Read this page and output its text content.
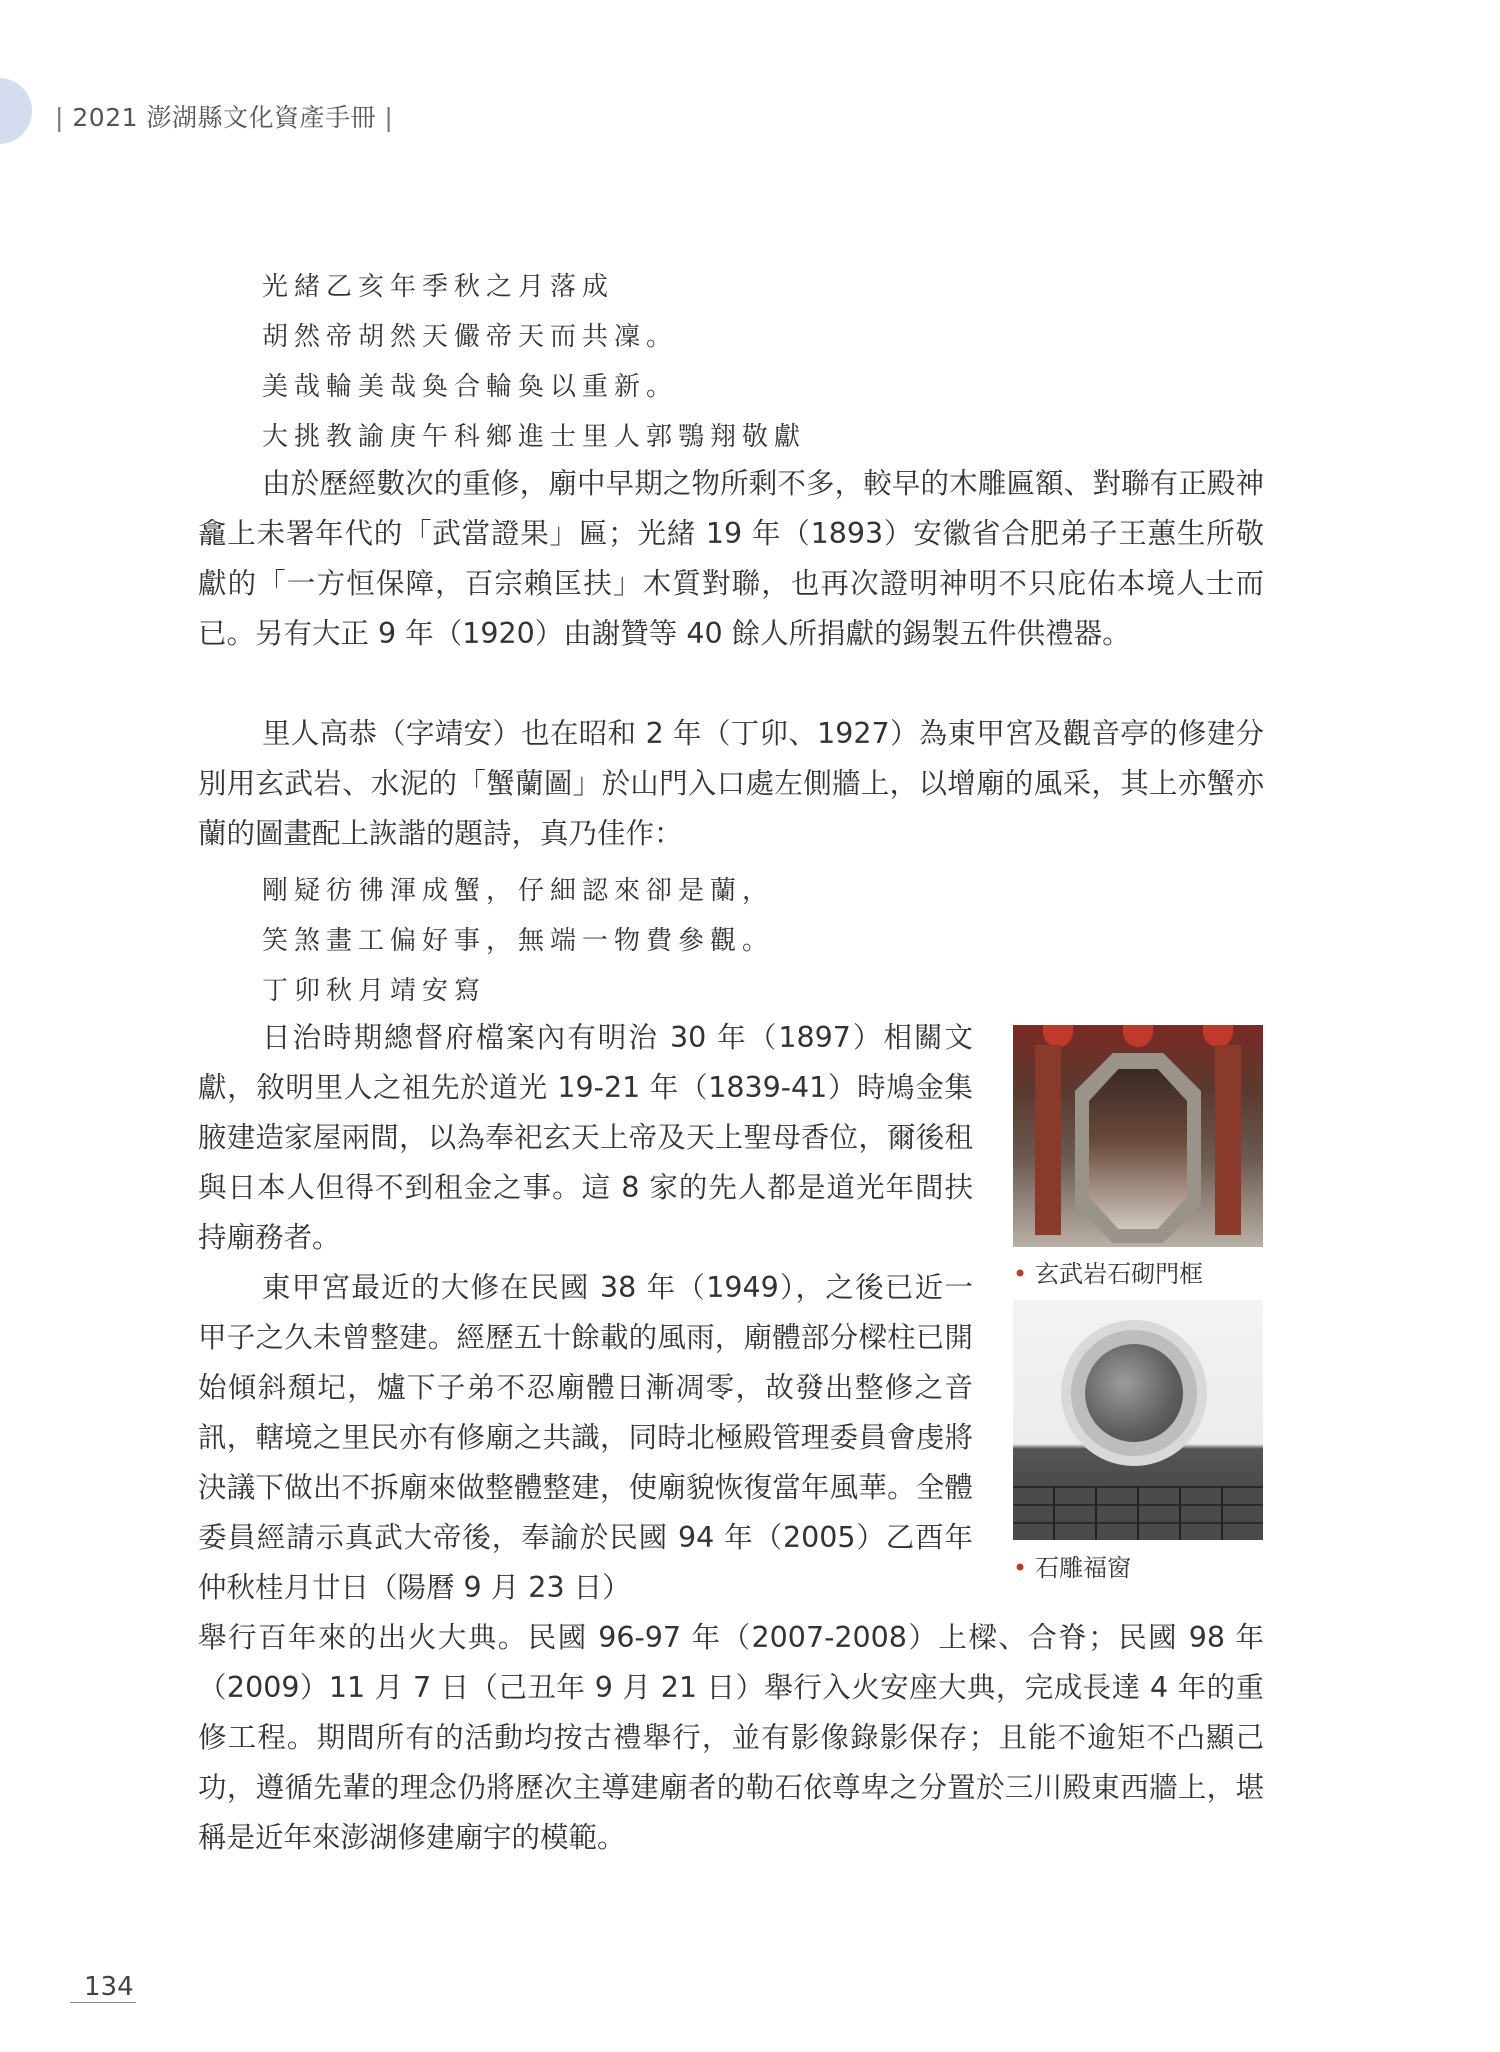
| 2021 澎湖縣文化資產手冊 |
光緒乙亥年季秋之月落成
胡然帝胡然天儼帝天而共凜。
美哉輪美哉奐合輪奐以重新。
大挑教諭庚午科鄉進士里人郭鶚翔敬獻

由於歷經數次的重修，廟中早期之物所剩不多，較早的木雕匾額、對聯有正殿神龕上未署年代的「武當證果」匾；光緒 19 年（1893）安徽省合肥弟子王蕙生所敬獻的「一方恒保障，百宗賴匡扶」木質對聯，也再次證明神明不只庇佑本境人士而已。另有大正 9 年（1920）由謝贊等 40 餘人所捐獻的錫製五件供禮器。

里人高恭（字靖安）也在昭和 2 年（丁卯、1927）為東甲宮及觀音亭的修建分別用玄武岩、水泥的「蟹蘭圖」於山門入口處左側牆上，以增廟的風采，其上亦蟹亦蘭的圖畫配上詼諧的題詩，真乃佳作：

剛疑彷彿渾成蟹，仔細認來卻是蘭，
笑煞畫工偏好事，無端一物費參觀。
丁卯秋月靖安寫

日治時期總督府檔案內有明治 30 年（1897）相關文獻，敘明里人之祖先於道光 19-21 年（1839-41）時鳩金集腋建造家屋兩間，以為奉祀玄天上帝及天上聖母香位，爾後租與日本人但得不到租金之事。這 8 家的先人都是道光年間扶持廟務者。

東甲宮最近的大修在民國 38 年（1949），之後已近一甲子之久未曾整建。經歷五十餘載的風雨，廟體部分樑柱已開始傾斜頹圮，爐下子弟不忍廟體日漸凋零，故發出整修之音訊，轄境之里民亦有修廟之共識，同時北極殿管理委員會虔將決議下做出不拆廟來做整體整建，使廟貌恢復當年風華。全體委員經請示真武大帝後，奉諭於民國 94 年（2005）乙酉年仲秋桂月廿日（陽曆 9 月 23 日）

舉行百年來的出火大典。民國 96-97 年（2007-2008）上樑、合脊；民國 98 年（2009）11 月 7 日（己丑年 9 月 21 日）舉行入火安座大典，完成長達 4 年的重修工程。期間所有的活動均按古禮舉行，並有影像錄影保存；且能不逾矩不凸顯己功，遵循先輩的理念仍將歷次主導建廟者的勒石依尊卑之分置於三川殿東西牆上，堪稱是近年來澎湖修建廟宇的模範。

• 玄武岩石砌門框
• 石雕福窗
134
